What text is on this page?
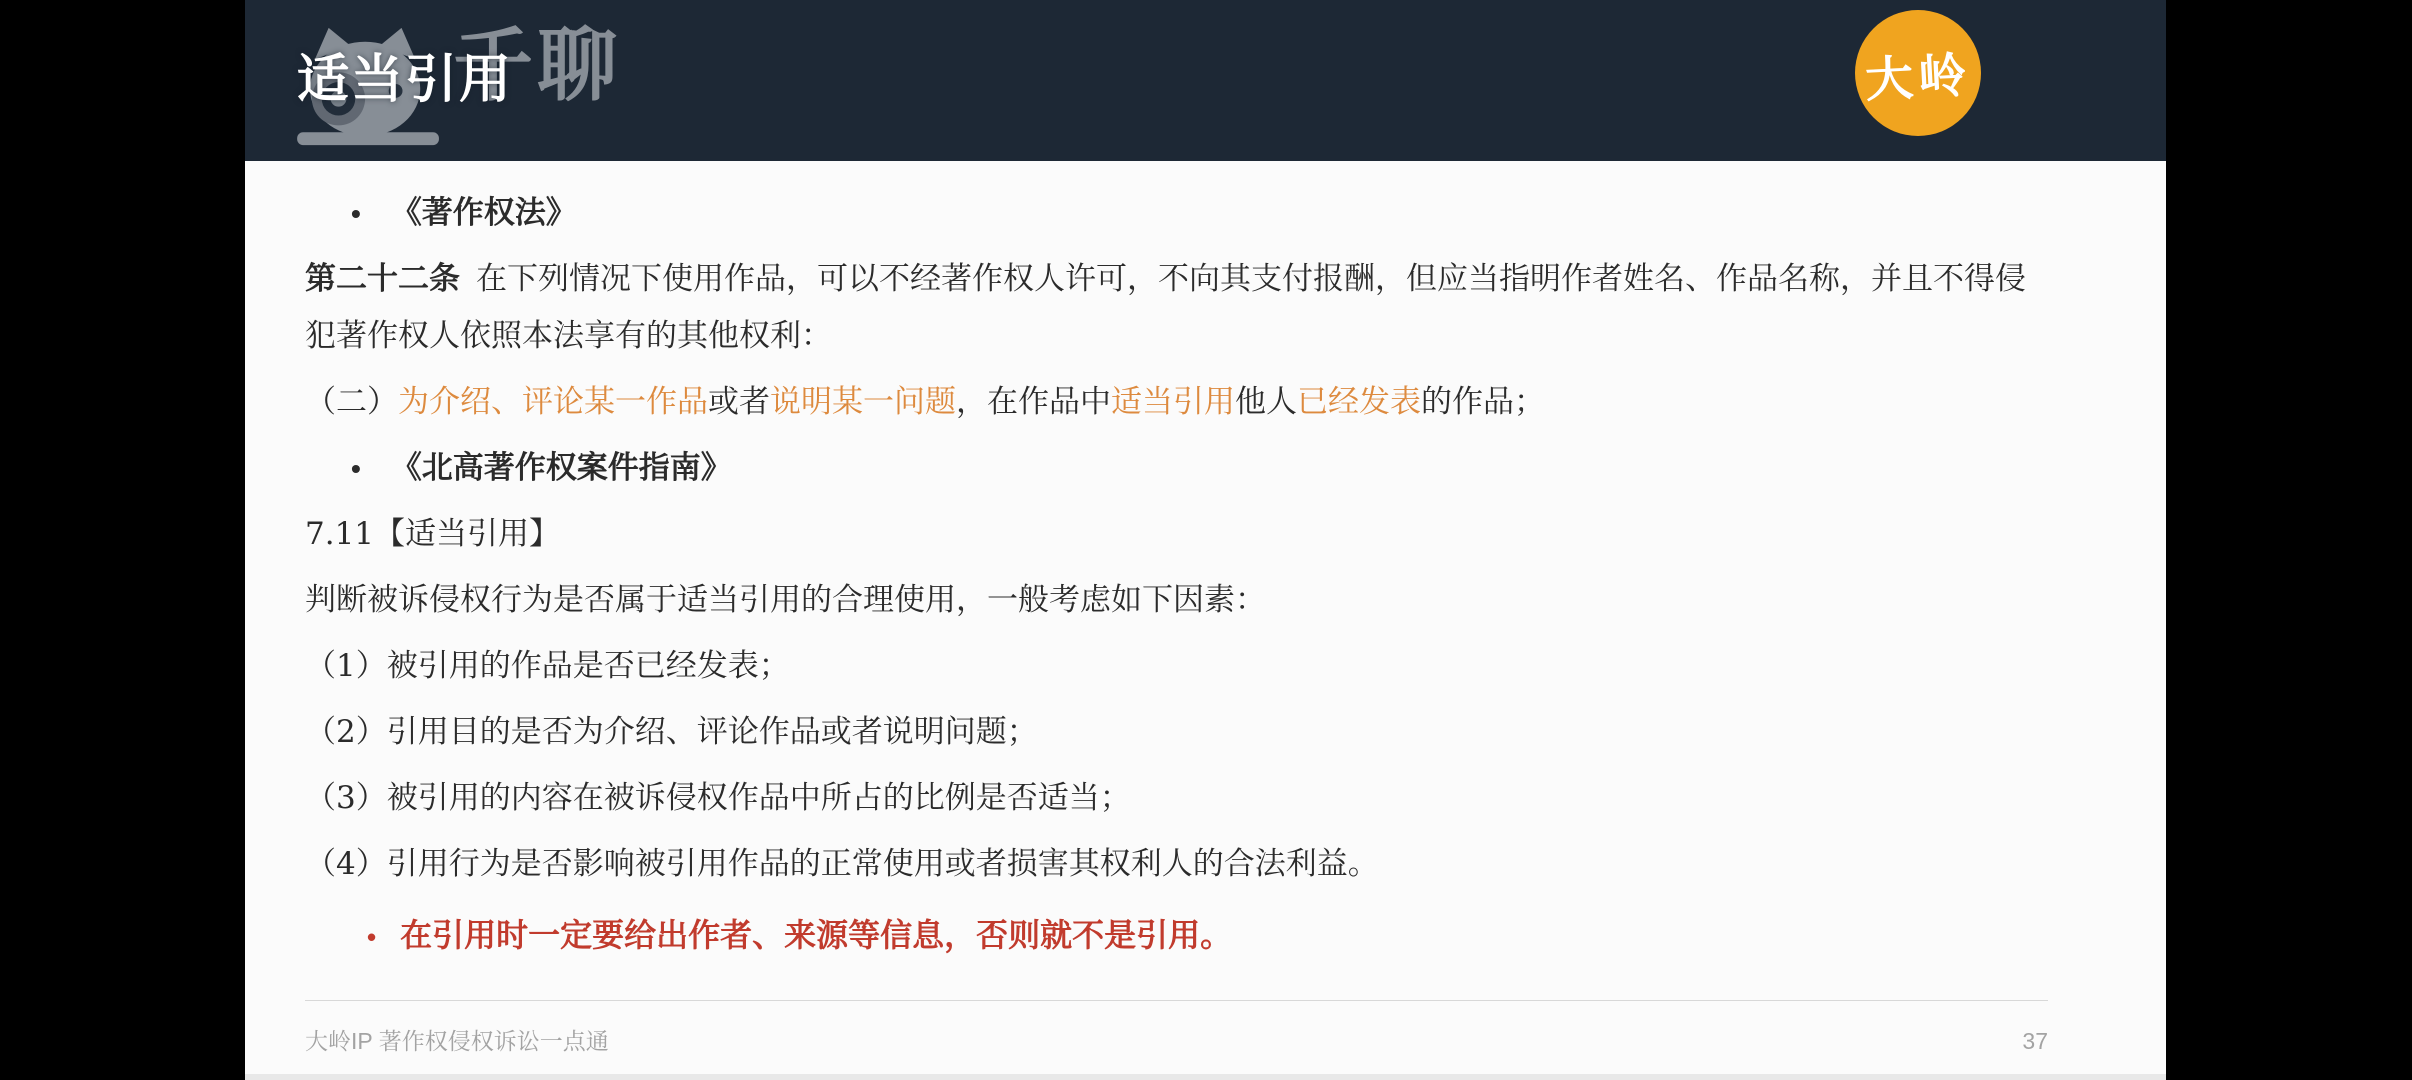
千聊
适当引用	大岭
• 《著作权法》

第二十二条 在下列情况下使用作品，可以不经著作权人许可，不向其支付报酬，但应当指明作者姓名、作品名称，并且不得侵犯著作权人依照本法享有的其他权利：

（二）为介绍、评论某一作品或者说明某一问题，在作品中适当引用他人已经发表的作品；

• 《北高著作权案件指南》

7.11【适当引用】

判断被诉侵权行为是否属于适当引用的合理使用，一般考虑如下因素：

（1）被引用的作品是否已经发表；

（2）引用目的是否为介绍、评论作品或者说明问题；

（3）被引用的内容在被诉侵权作品中所占的比例是否适当；

（4）引用行为是否影响被引用作品的正常使用或者损害其权利人的合法利益。

• 在引用时一定要给出作者、来源等信息，否则就不是引用。
大岭IP 著作权侵权诉讼一点通	37
